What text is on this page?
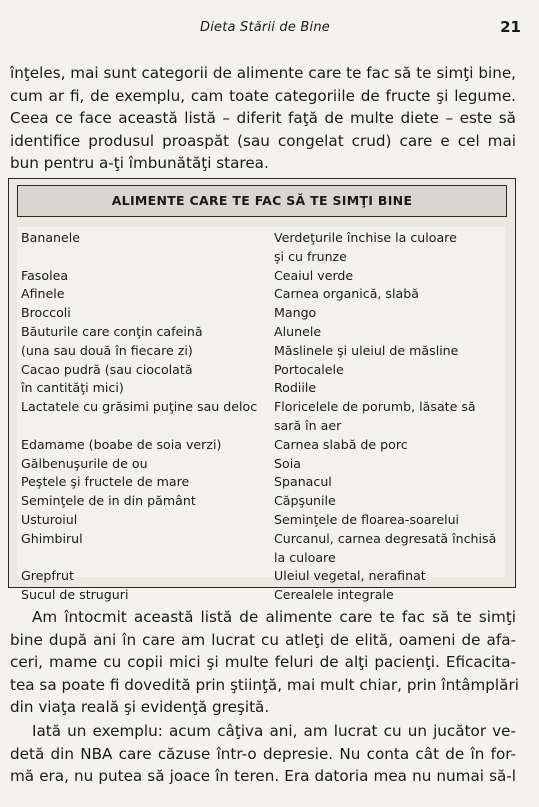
Dieta Stării de Bine	21
înţeles, mai sunt categorii de alimente care te fac să te simţi bine,
cum ar fi, de exemplu, cam toate categoriile de fructe şi legume.
Ceea ce face această listă – diferit faţă de multe diete – este să
identifice produsul proaspăt (sau congelat crud) care e cel mai
bun pentru a-ţi îmbunătăţi starea.
ALIMENTE CARE TE FAC SĂ TE SIMŢI BINE
Bananele
Fasolea
Afinele
Broccoli
Băuturile care conţin cafeină
(una sau două în fiecare zi)
Cacao pudră (sau ciocolată
în cantităţi mici)
Lactatele cu grăsimi puţine sau deloc
Edamame (boabe de soia verzi)
Gălbenuşurile de ou
Peştele şi fructele de mare
Seminţele de in din pământ
Usturoiul
Ghimbirul
Grepfrut
Sucul de struguri
Verdeţurile închise la culoare
şi cu frunze
Ceaiul verde
Carnea organică, slabă
Mango
Alunele
Măslinele şi uleiul de măsline
Portocalele
Rodiile
Floricelele de porumb, lăsate să
sară în aer
Carnea slabă de porc
Soia
Spanacul
Căpşunile
Seminţele de floarea-soarelui
Curcanul, carnea degresată închisă
la culoare
Uleiul vegetal, nerafinat
Cerealele integrale
Am întocmit această listă de alimente care te fac să te simţi
bine după ani în care am lucrat cu atleţi de elită, oameni de afa-
ceri, mame cu copii mici şi multe feluri de alţi pacienţi. Eficacita-
tea sa poate fi dovedită prin ştiinţă, mai mult chiar, prin întâmplări
din viaţa reală şi evidenţă greşită.
Iată un exemplu: acum câţiva ani, am lucrat cu un jucător ve-
detă din NBA care căzuse într-o depresie. Nu conta cât de în for-
mă era, nu putea să joace în teren. Era datoria mea nu numai să-l
